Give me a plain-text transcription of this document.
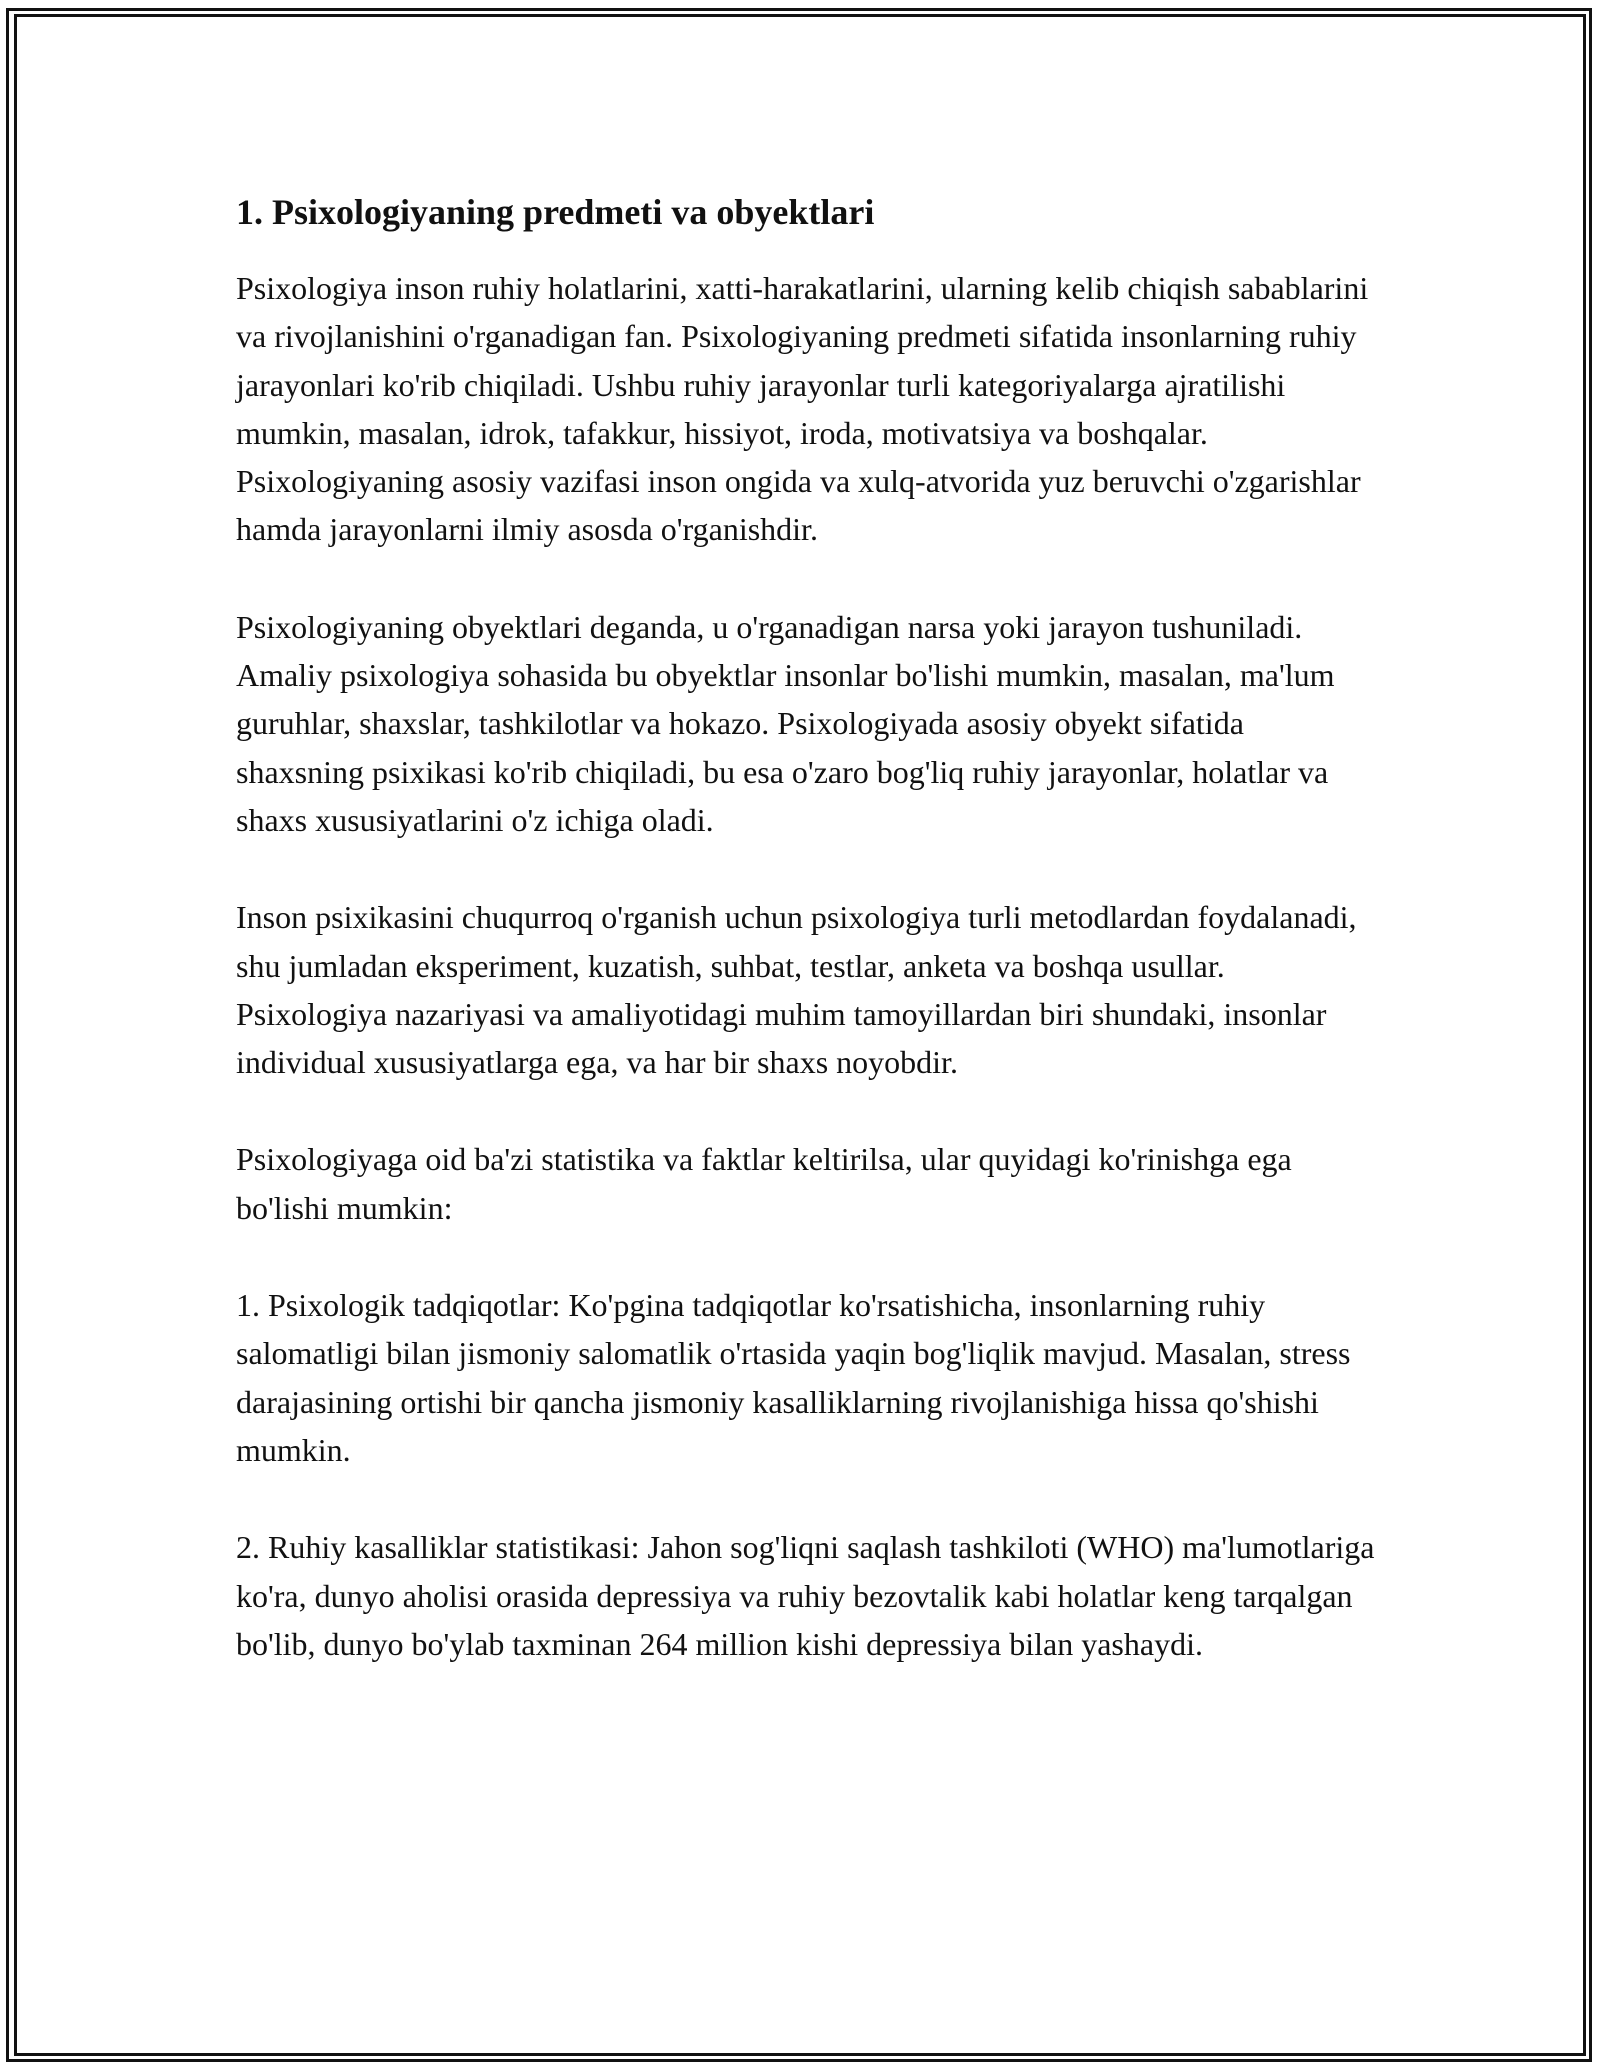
1. Psixologiyaning predmeti va obyektlari

Psixologiya inson ruhiy holatlarini, xatti-harakatlarini, ularning kelib chiqish sabablarini va rivojlanishini o'rganadigan fan. Psixologiyaning predmeti sifatida insonlarning ruhiy jarayonlari ko'rib chiqiladi. Ushbu ruhiy jarayonlar turli kategoriyalarga ajratilishi mumkin, masalan, idrok, tafakkur, hissiyot, iroda, motivatsiya va boshqalar. Psixologiyaning asosiy vazifasi inson ongida va xulq-atvorida yuz beruvchi o'zgarishlar hamda jarayonlarni ilmiy asosda o'rganishdir.

Psixologiyaning obyektlari deganda, u o'rganadigan narsa yoki jarayon tushuniladi. Amaliy psixologiya sohasida bu obyektlar insonlar bo'lishi mumkin, masalan, ma'lum guruhlar, shaxslar, tashkilotlar va hokazo. Psixologiyada asosiy obyekt sifatida shaxsning psixikasi ko'rib chiqiladi, bu esa o'zaro bog'liq ruhiy jarayonlar, holatlar va shaxs xususiyatlarini o'z ichiga oladi.

Inson psixikasini chuqurroq o'rganish uchun psixologiya turli metodlardan foydalanadi, shu jumladan eksperiment, kuzatish, suhbat, testlar, anketa va boshqa usullar. Psixologiya nazariyasi va amaliyotidagi muhim tamoyillardan biri shundaki, insonlar individual xususiyatlarga ega, va har bir shaxs noyobdir.

Psixologiyaga oid ba'zi statistika va faktlar keltirilsa, ular quyidagi ko'rinishga ega bo'lishi mumkin:

1. Psixologik tadqiqotlar: Ko'pgina tadqiqotlar ko'rsatishicha, insonlarning ruhiy salomatligi bilan jismoniy salomatlik o'rtasida yaqin bog'liqlik mavjud. Masalan, stress darajasining ortishi bir qancha jismoniy kasalliklarning rivojlanishiga hissa qo'shishi mumkin.

2. Ruhiy kasalliklar statistikasi: Jahon sog'liqni saqlash tashkiloti (WHO) ma'lumotlariga ko'ra, dunyo aholisi orasida depressiya va ruhiy bezovtalik kabi holatlar keng tarqalgan bo'lib, dunyo bo'ylab taxminan 264 million kishi depressiya bilan yashaydi.
